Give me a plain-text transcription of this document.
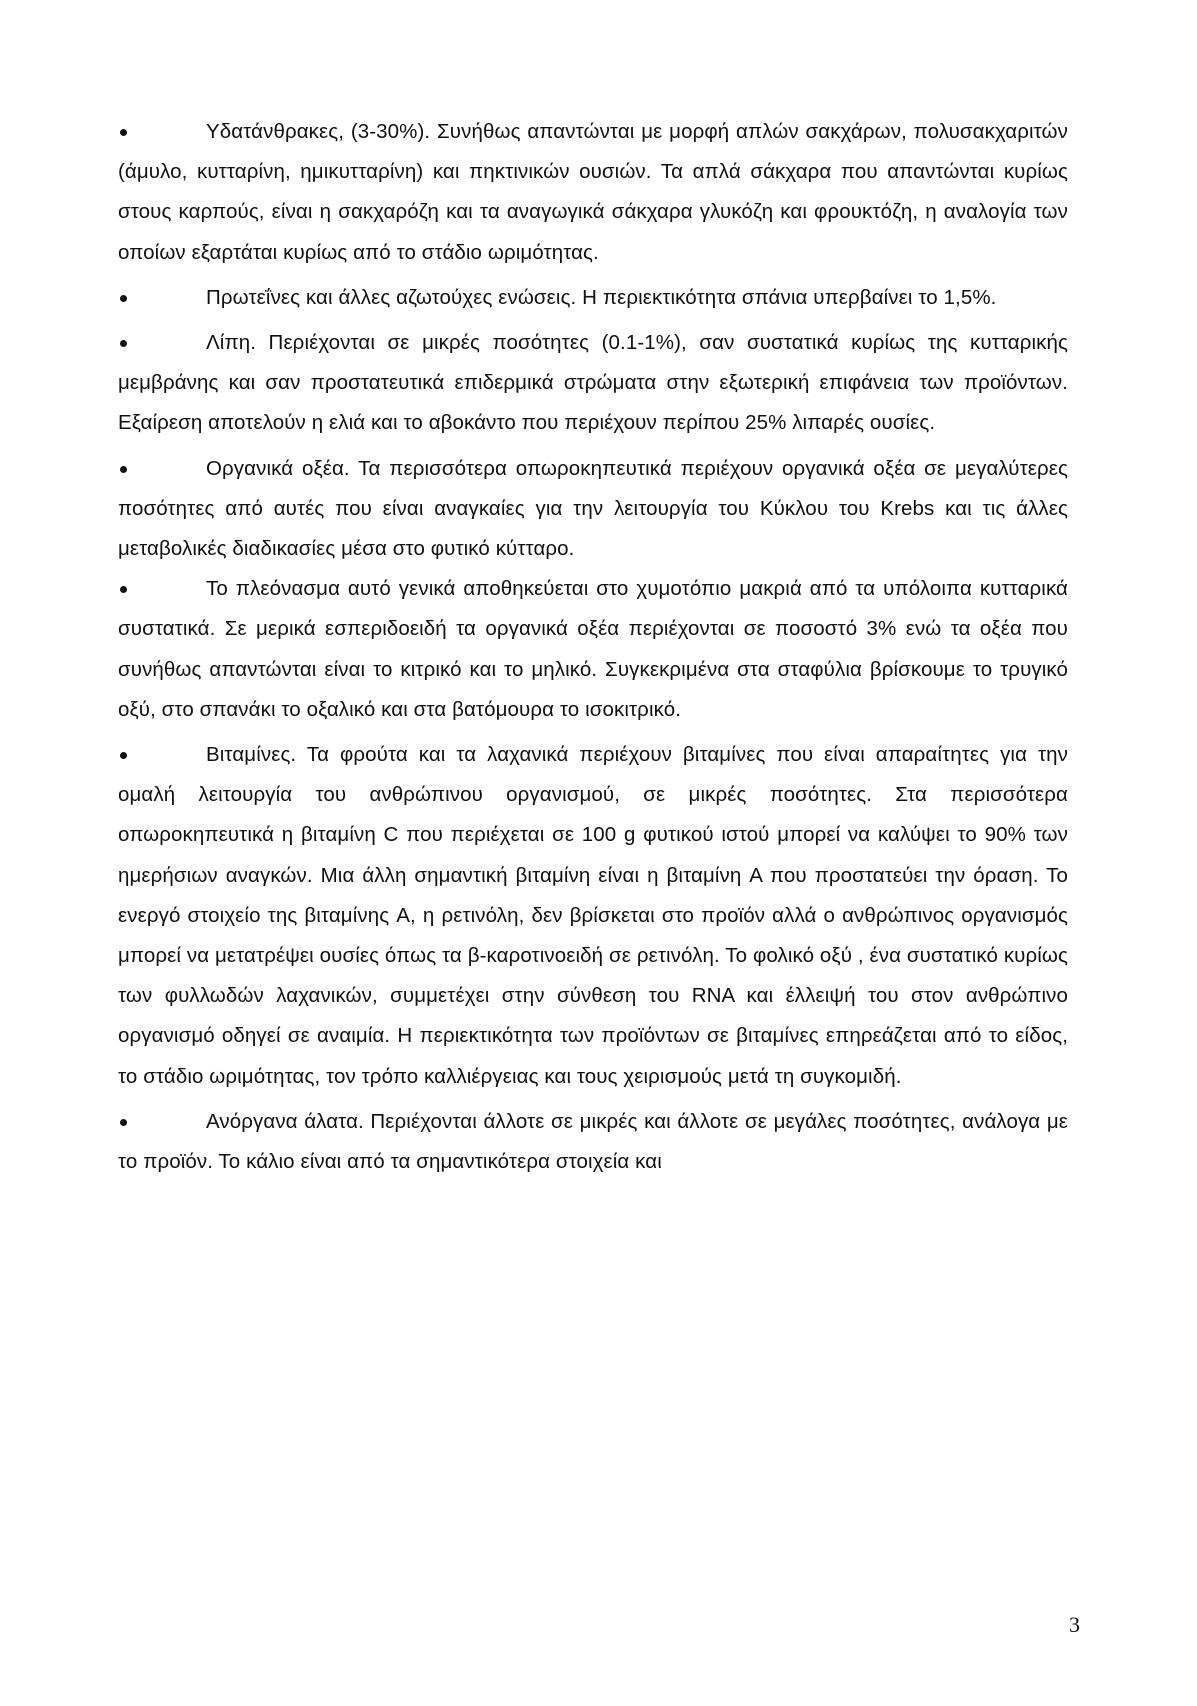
Υδατάνθρακες, (3-30%). Συνήθως απαντώνται με μορφή απλών σακχάρων, πολυσακχαριτών (άμυλο, κυτταρίνη, ημικυτταρίνη) και πηκτινικών ουσιών. Τα απλά σάκχαρα που απαντώνται κυρίως στους καρπούς, είναι η σακχαρόζη και τα αναγωγικά σάκχαρα γλυκόζη και φρουκτόζη, η αναλογία των οποίων εξαρτάται κυρίως από το στάδιο ωριμότητας.

Πρωτεΐνες και άλλες αζωτούχες ενώσεις. Η περιεκτικότητα σπάνια υπερβαίνει το 1,5%.

Λίπη. Περιέχονται σε μικρές ποσότητες (0.1-1%), σαν συστατικά κυρίως της κυτταρικής μεμβράνης και σαν προστατευτικά επιδερμικά στρώματα στην εξωτερική επιφάνεια των προϊόντων. Εξαίρεση αποτελούν η ελιά και το αβοκάντο που περιέχουν περίπου 25% λιπαρές ουσίες.

Οργανικά οξέα. Τα περισσότερα οπωροκηπευτικά περιέχουν οργανικά οξέα σε μεγαλύτερες ποσότητες από αυτές που είναι αναγκαίες για την λειτουργία του Κύκλου του Krebs και τις άλλες μεταβολικές διαδικασίες μέσα στο φυτικό κύτταρο.

Το πλεόνασμα αυτό γενικά αποθηκεύεται στο χυμοτόπιο μακριά από τα υπόλοιπα κυτταρικά συστατικά. Σε μερικά εσπεριδοειδή τα οργανικά οξέα περιέχονται σε ποσοστό 3% ενώ τα οξέα που συνήθως απαντώνται είναι το κιτρικό και το μηλικό. Συγκεκριμένα στα σταφύλια βρίσκουμε το τρυγικό οξύ, στο σπανάκι το οξαλικό και στα βατόμουρα το ισοκιτρικό.

Βιταμίνες. Τα φρούτα και τα λαχανικά περιέχουν βιταμίνες που είναι απαραίτητες για την ομαλή λειτουργία του ανθρώπινου οργανισμού, σε μικρές ποσότητες. Στα περισσότερα οπωροκηπευτικά η βιταμίνη C που περιέχεται σε 100 g φυτικού ιστού μπορεί να καλύψει το 90% των ημερήσιων αναγκών. Μια άλλη σημαντική βιταμίνη είναι η βιταμίνη A που προστατεύει την όραση. Το ενεργό στοιχείο της βιταμίνης A, η ρετινόλη, δεν βρίσκεται στο προϊόν αλλά ο ανθρώπινος οργανισμός μπορεί να μετατρέψει ουσίες όπως τα β-καροτινοειδή σε ρετινόλη. Το φολικό οξύ , ένα συστατικό κυρίως των φυλλωδών λαχανικών, συμμετέχει στην σύνθεση του RNA και έλλειψή του στον ανθρώπινο οργανισμό οδηγεί σε αναιμία. Η περιεκτικότητα των προϊόντων σε βιταμίνες επηρεάζεται από το είδος, το στάδιο ωριμότητας, τον τρόπο καλλιέργειας και τους χειρισμούς μετά τη συγκομιδή.

Ανόργανα άλατα. Περιέχονται άλλοτε σε μικρές και άλλοτε σε μεγάλες ποσότητες, ανάλογα με το προϊόν. Το κάλιο είναι από τα σημαντικότερα στοιχεία και

3
